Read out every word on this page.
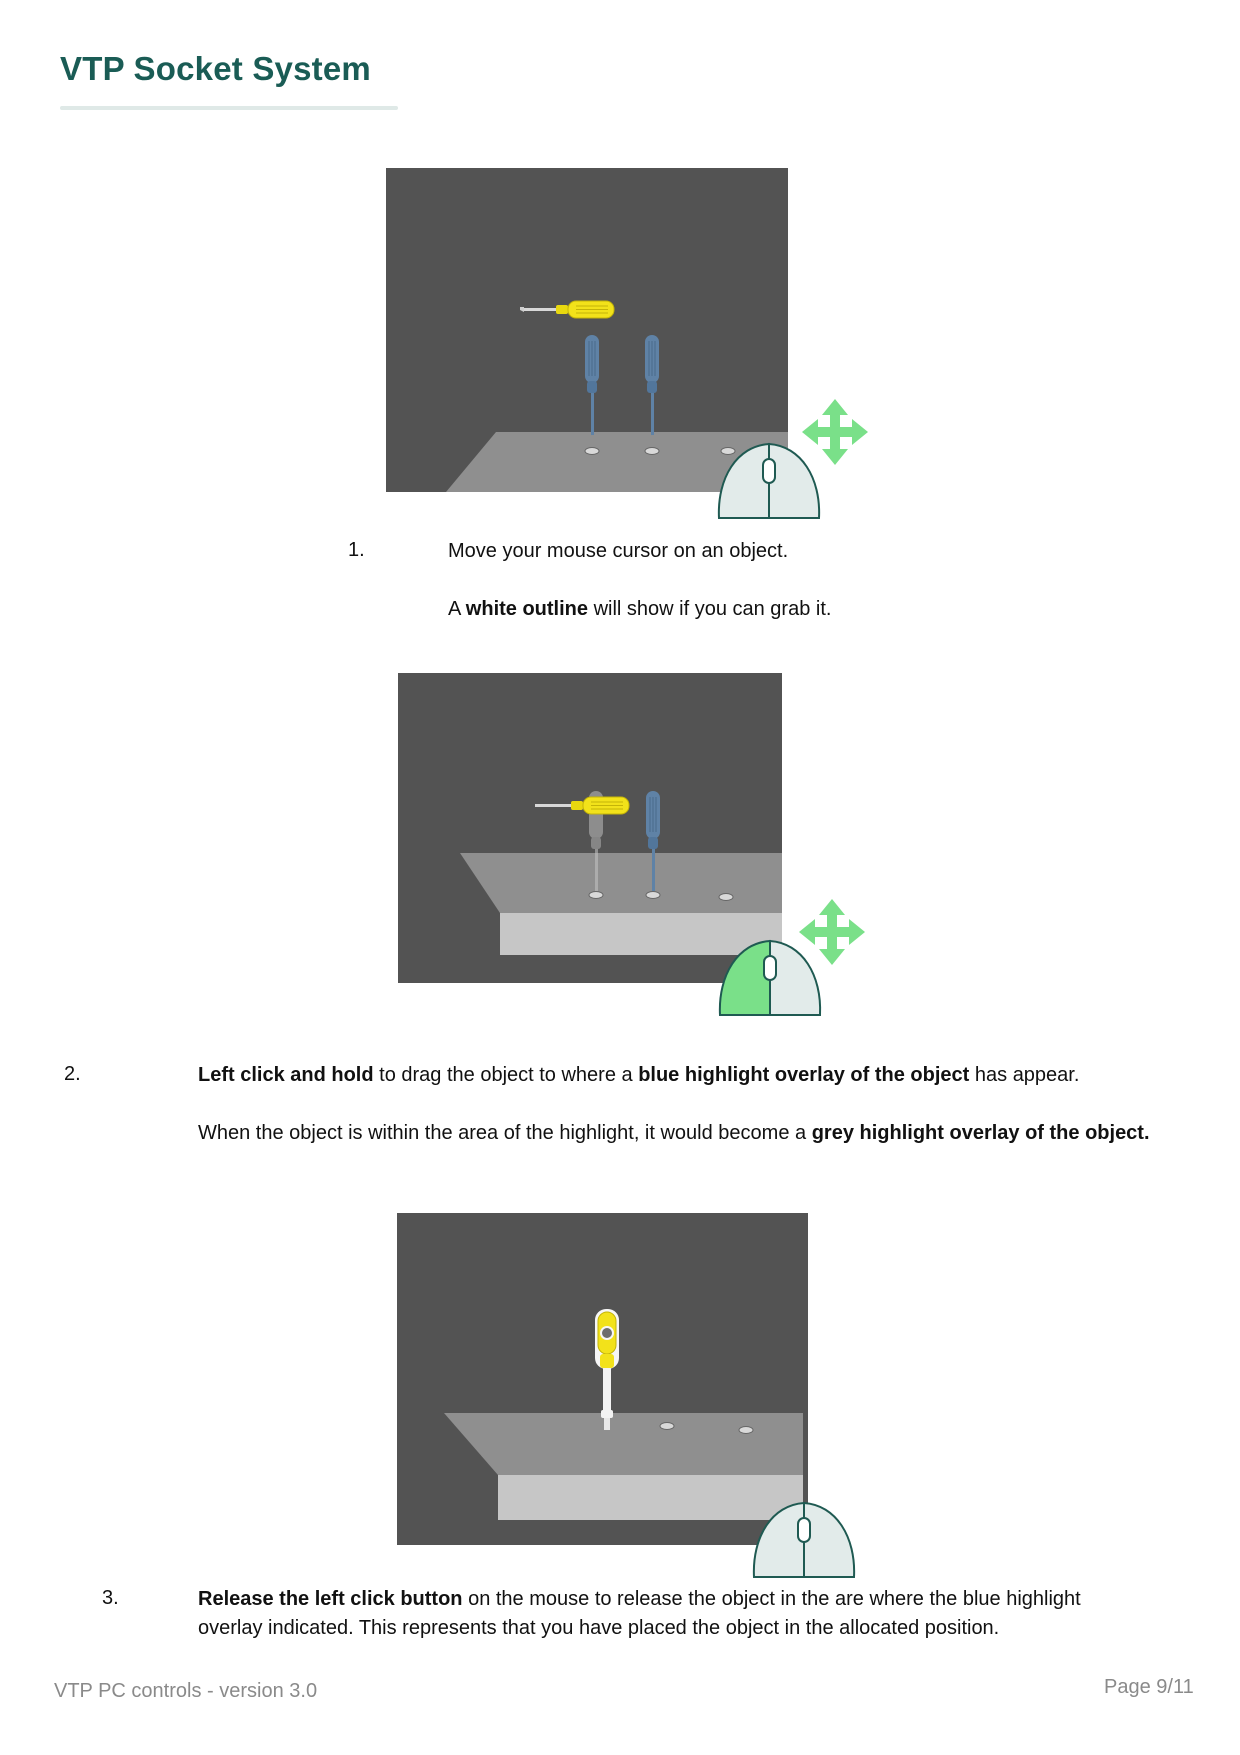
VTP Socket System
1.	Move your mouse cursor on an object.

A white outline will show if you can grab it.

2.	Left click and hold to drag the object to where a blue highlight overlay of the object has appear.

When the object is within the area of the highlight, it would become a grey highlight overlay of the object.

3.	Release the left click button on the mouse to release the object in the are where the blue highlight

overlay indicated. This represents that you have placed the object in the allocated position.

VTP PC controls - version 3.0	Page 9/11
